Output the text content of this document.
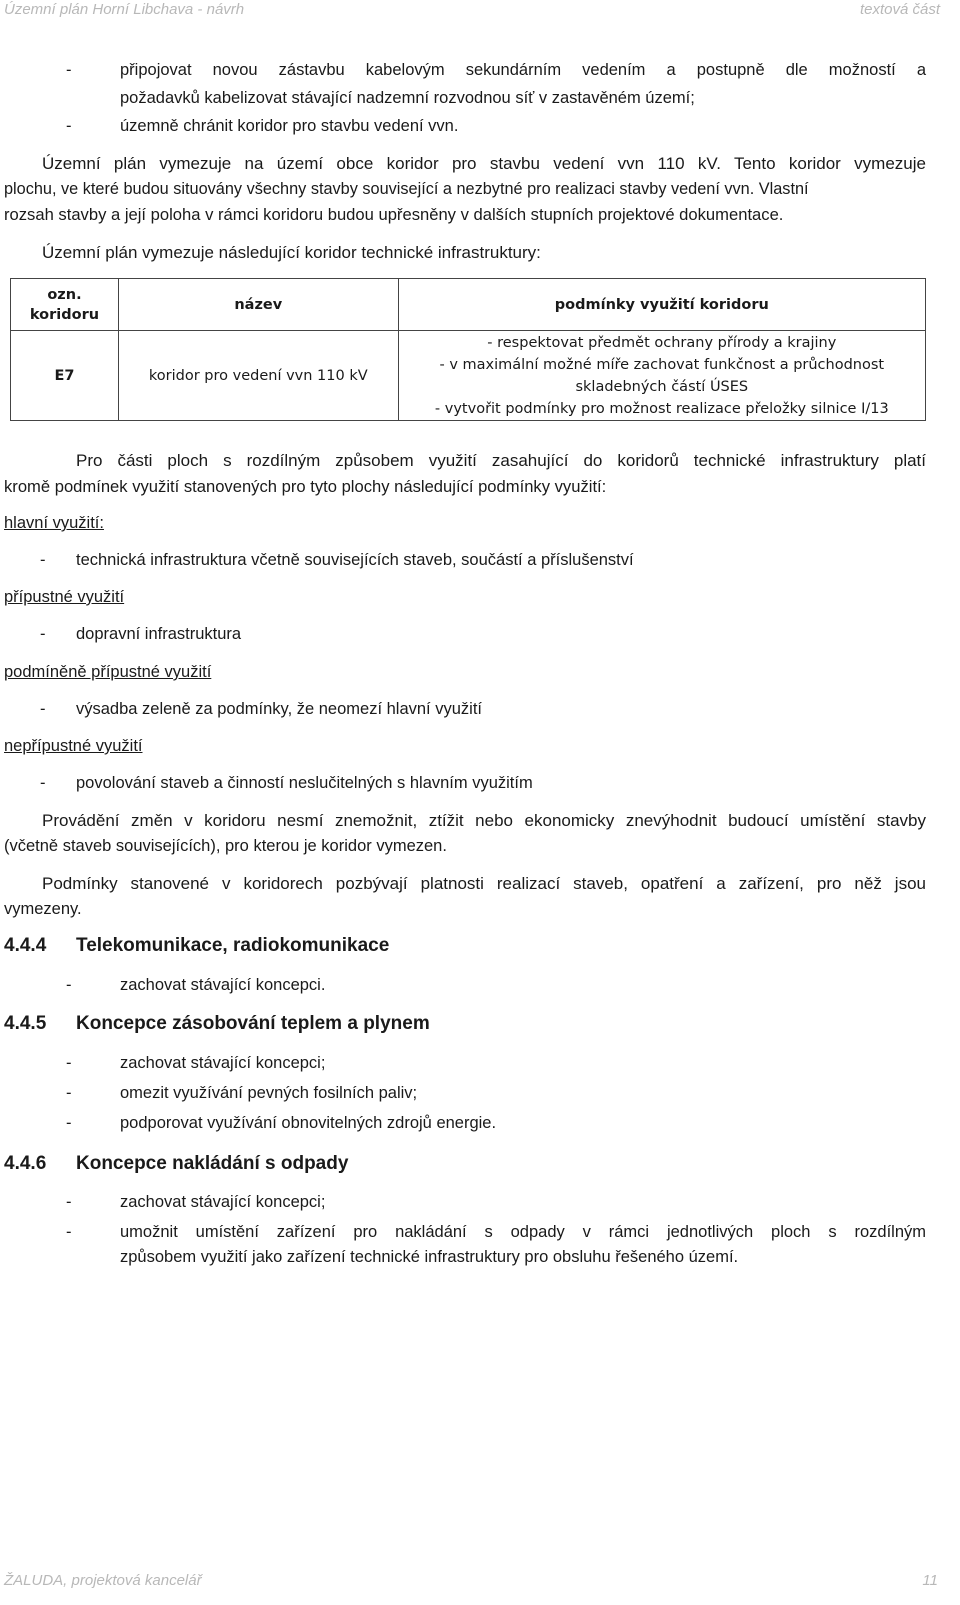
Územní plán Horní Libchava - návrh	textová část
-	připojovat novou zástavbu kabelovým sekundárním vedením a postupně dle možností a
požadavků kabelizovat stávající nadzemní rozvodnou síť v zastavěném území;
-	územně chránit koridor pro stavbu vedení vvn.
Územní plán vymezuje na území obce koridor pro stavbu vedení vvn 110 kV. Tento koridor vymezuje
plochu, ve které budou situovány všechny stavby související a nezbytné pro realizaci stavby vedení vvn. Vlastní
rozsah stavby a její poloha v rámci koridoru budou upřesněny v dalších stupních projektové dokumentace.
Územní plán vymezuje následující koridor technické infrastruktury:
ozn.
koridoru	název	podmínky využití koridoru
E7	koridor pro vedení vvn 110 kV	- respektovat předmět ochrany přírody a krajiny
- v maximální možné míře zachovat funkčnost a průchodnost
skladebných částí ÚSES
- vytvořit podmínky pro možnost realizace přeložky silnice I/13
Pro části ploch s rozdílným způsobem využití zasahující do koridorů technické infrastruktury platí
kromě podmínek využití stanovených pro tyto plochy následující podmínky využití:
hlavní využití:
- technická infrastruktura včetně souvisejících staveb, součástí a příslušenství
přípustné využití
- dopravní infrastruktura
podmíněně přípustné využití
- výsadba zeleně za podmínky, že neomezí hlavní využití
nepřípustné využití
- povolování staveb a činností neslučitelných s hlavním využitím
Provádění změn v koridoru nesmí znemožnit, ztížit nebo ekonomicky znevýhodnit budoucí umístění stavby
(včetně staveb souvisejících), pro kterou je koridor vymezen.
Podmínky stanovené v koridorech pozbývají platnosti realizací staveb, opatření a zařízení, pro něž jsou
vymezeny.
4.4.4 Telekomunikace, radiokomunikace
-	zachovat stávající koncepci.
4.4.5 Koncepce zásobování teplem a plynem
-	zachovat stávající koncepci;
-	omezit využívání pevných fosilních paliv;
-	podporovat využívání obnovitelných zdrojů energie.
4.4.6 Koncepce nakládání s odpady
-	zachovat stávající koncepci;
-	umožnit umístění zařízení pro nakládání s odpady v rámci jednotlivých ploch s rozdílným
způsobem využití jako zařízení technické infrastruktury pro obsluhu řešeného území.
ŽALUDA, projektová kancelář	11
